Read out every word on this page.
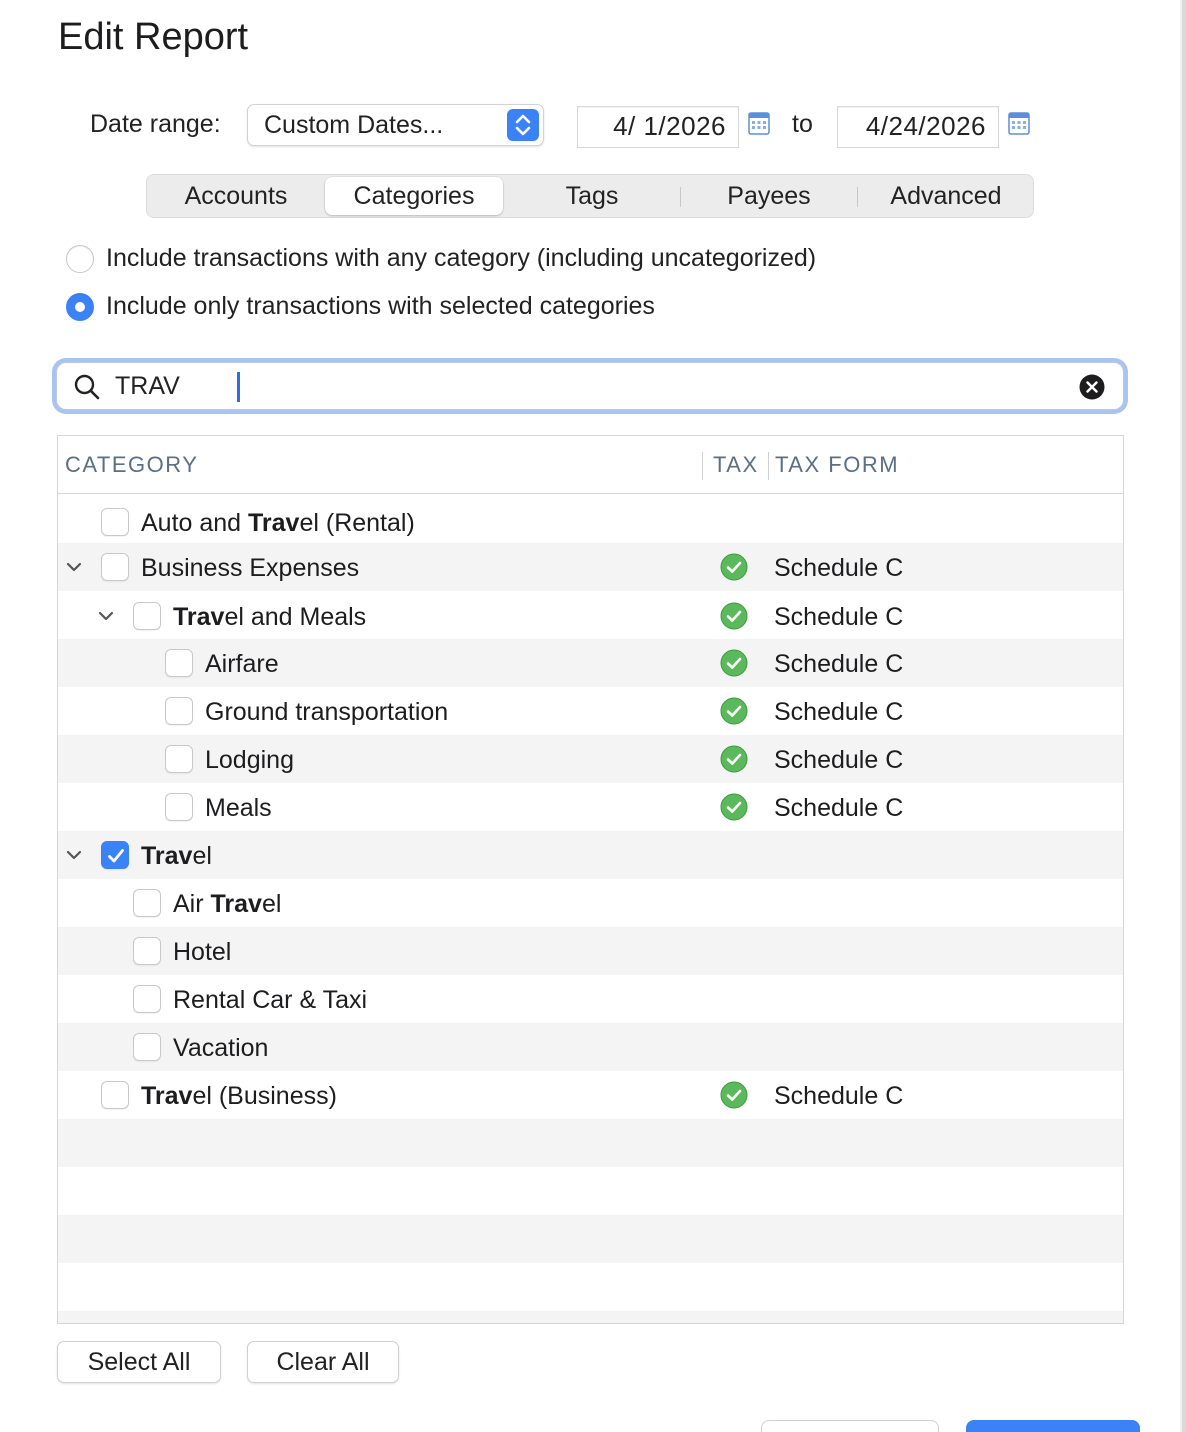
Edit Report
Date range: Custom Dates...	4/ 1/2026	to 4/24/2026
Accounts	Categories	Tags	Payees	Advanced
Include transactions with any category (including uncategorized)
Include only transactions with selected categories
TRAV
CATEGORY	TAX TAX FORM
Auto and Travel (Rental)
Business Expenses	Schedule C
Travel and Meals	Schedule C
Airfare	Schedule C
Ground transportation	Schedule C
Lodging	Schedule C
Meals	Schedule C
Travel
Air Travel
Hotel
Rental Car & Taxi
Vacation
Travel (Business)	Schedule C
Select All	Clear All
